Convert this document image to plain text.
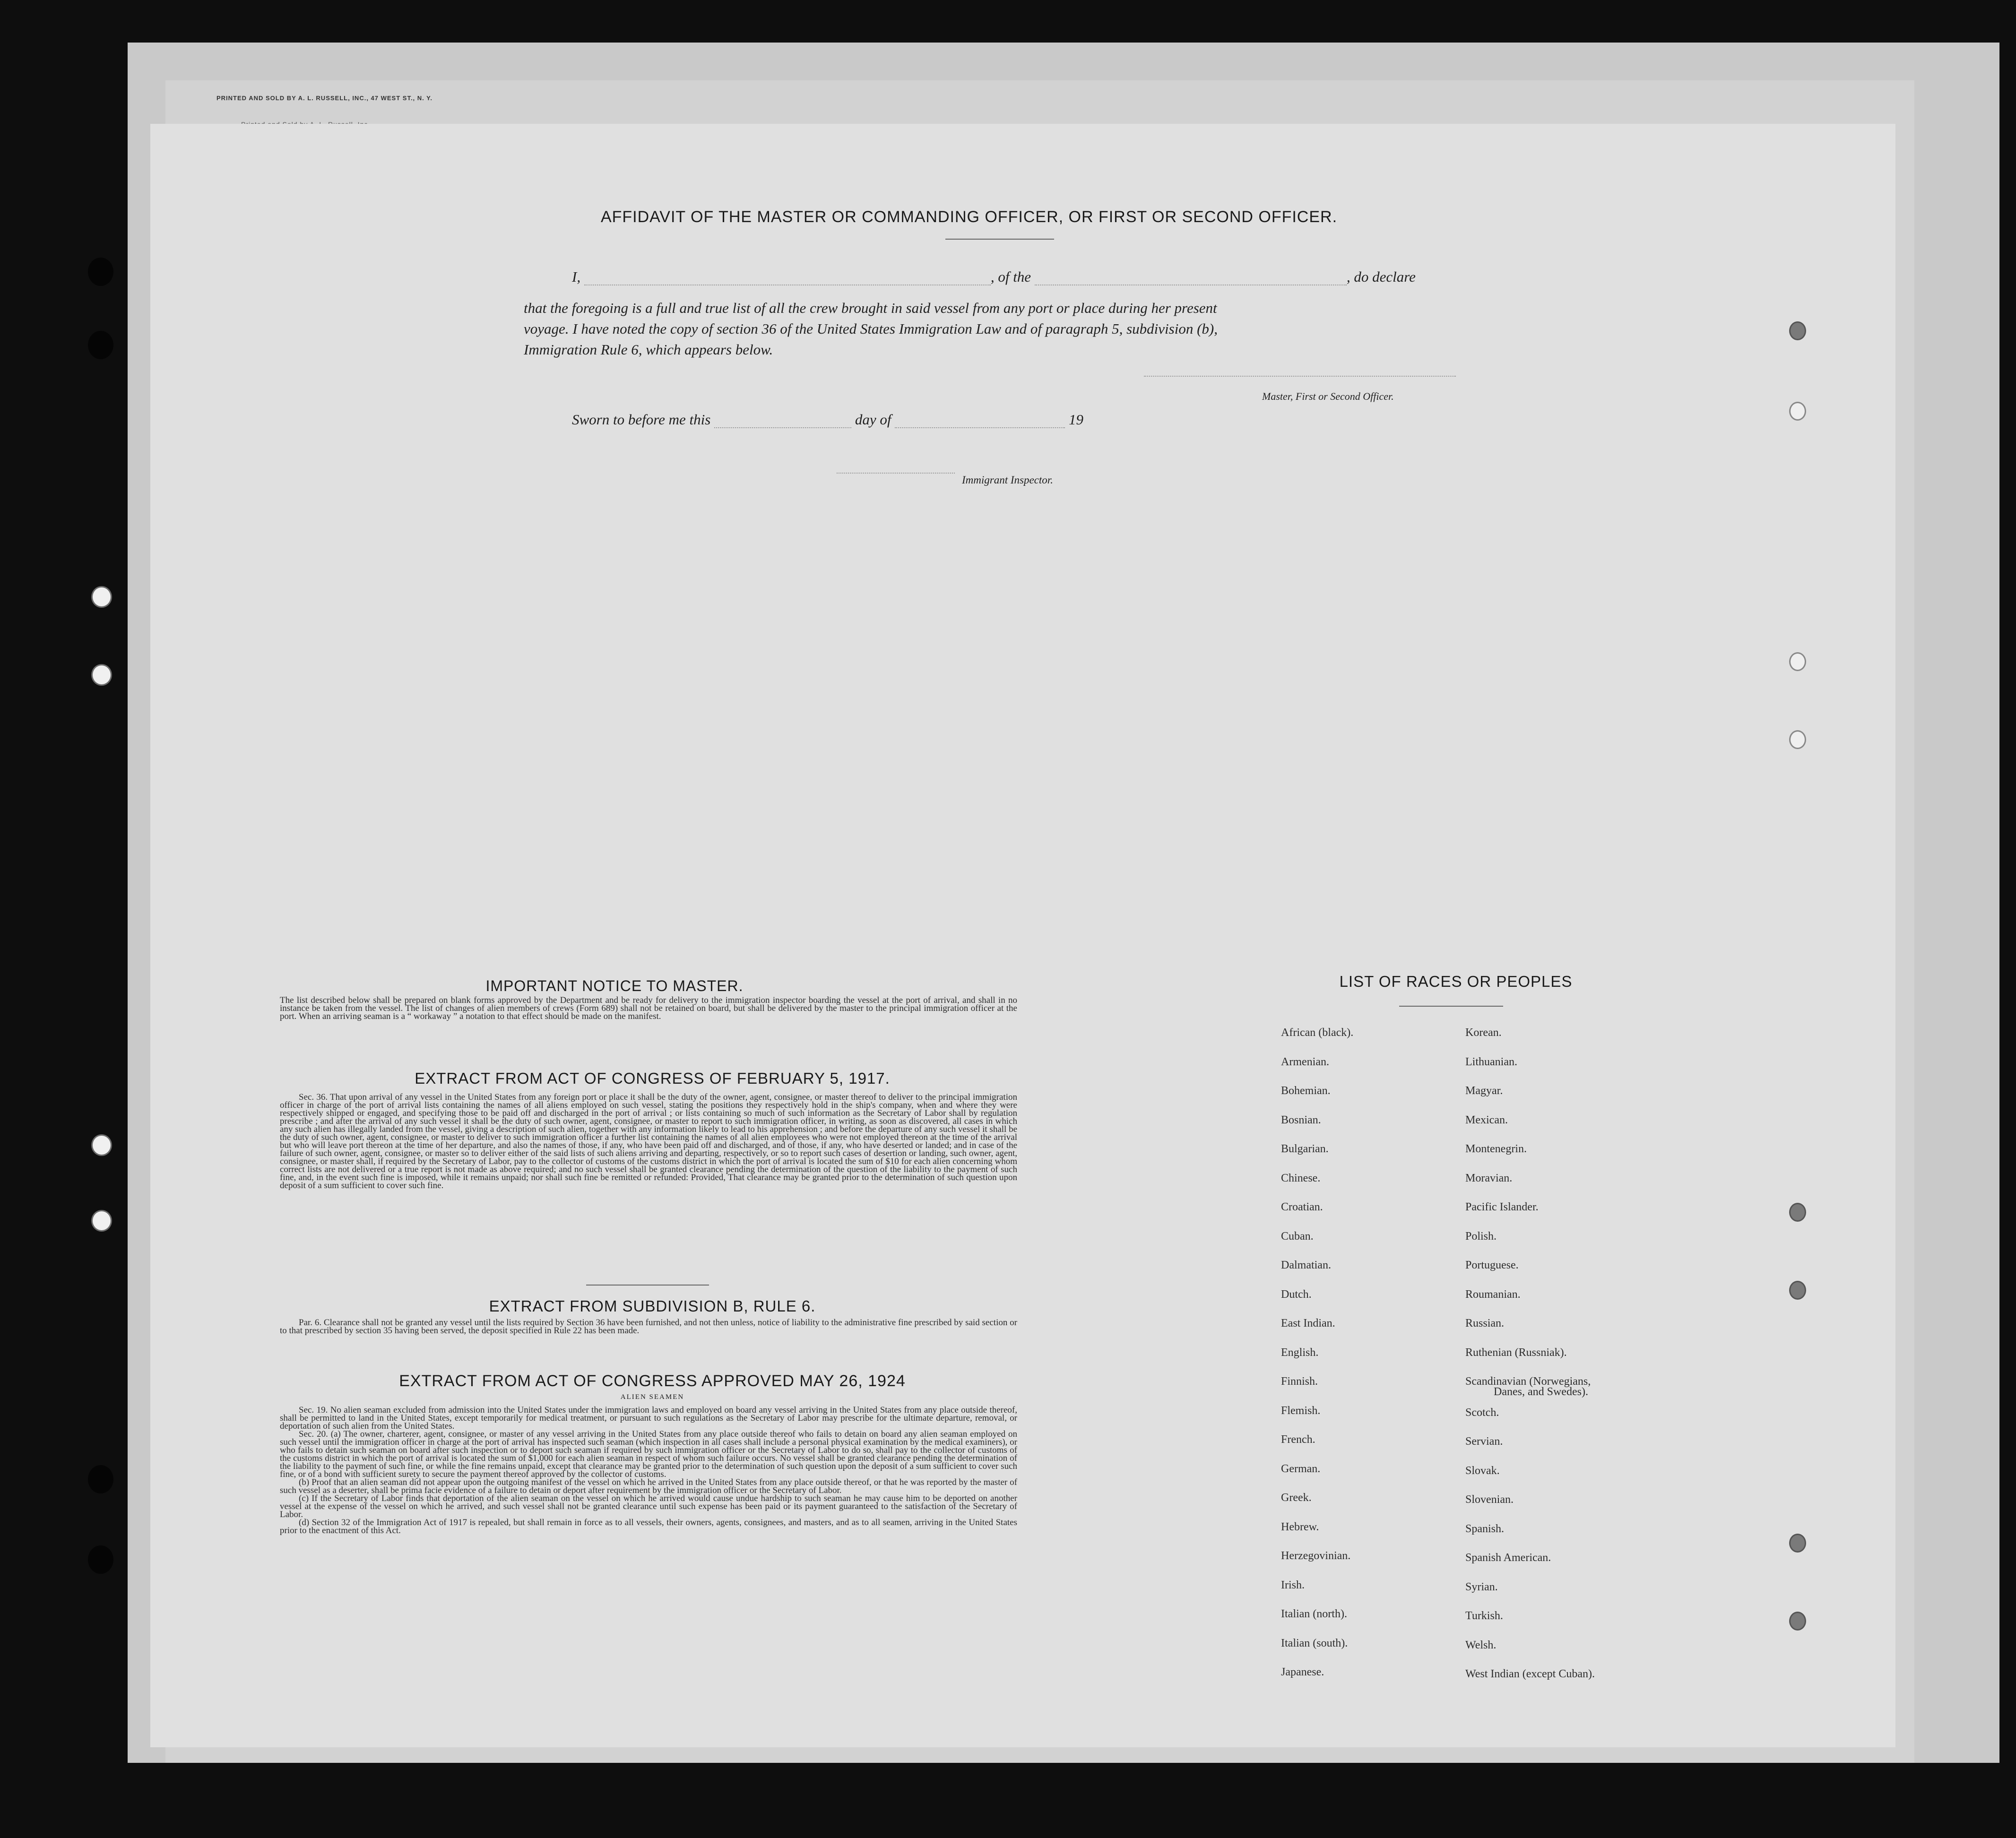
PRINTED AND SOLD BY A. L. RUSSELL, INC., 47 WEST ST., N. Y.
AFFIDAVIT OF THE MASTER OR COMMANDING OFFICER, OR FIRST OR SECOND OFFICER.
I,	, of the	, do declare
that the foregoing is a full and true list of all the crew brought in said vessel from any port or place during her present
voyage. I have noted the copy of section 36 of the United States Immigration Law and of paragraph 5, subdivision (b),
Immigration Rule 6, which appears below.
Master, First or Second Officer.
Sworn to before me this	day of	19
Immigrant Inspector.
IMPORTANT NOTICE TO MASTER.
The list described below shall be prepared on blank forms approved by the Department and be ready for delivery to the immigration inspector boarding the vessel at the port of arrival, and shall in no instance be taken from the vessel. The list of changes of alien members of crews (Form 689) shall not be retained on board, but shall be delivered by the master to the principal immigration officer at the port. When an arriving seaman is a “ workaway ” a notation to that effect should be made on the manifest.
EXTRACT FROM ACT OF CONGRESS OF FEBRUARY 5, 1917.
Sec. 36. That upon arrival of any vessel in the United States from any foreign port or place it shall be the duty of the owner, agent, consignee, or master thereof to deliver to the principal immigration officer in charge of the port of arrival lists containing the names of all aliens employed on such vessel, stating the positions they respectively hold in the ship's company, when and where they were respectively shipped or engaged, and specifying those to be paid off and discharged in the port of arrival ; or lists containing so much of such information as the Secretary of Labor shall by regulation prescribe ; and after the arrival of any such vessel it shall be the duty of such owner, agent, consignee, or master to report to such immigration officer, in writing, as soon as discovered, all cases in which any such alien has illegally landed from the vessel, giving a description of such alien, together with any information likely to lead to his apprehension ; and before the departure of any such vessel it shall be the duty of such owner, agent, consignee, or master to deliver to such immigration officer a further list containing the names of all alien employees who were not employed thereon at the time of the arrival but who will leave port thereon at the time of her departure, and also the names of those, if any, who have been paid off and discharged, and of those, if any, who have deserted or landed; and in case of the failure of such owner, agent, consignee, or master so to deliver either of the said lists of such aliens arriving and departing, respectively, or so to report such cases of desertion or landing, such owner, agent, consignee, or master shall, if required by the Secretary of Labor, pay to the collector of customs of the customs district in which the port of arrival is located the sum of $10 for each alien concerning whom correct lists are not delivered or a true report is not made as above required; and no such vessel shall be granted clearance pending the determination of the question of the liability to the payment of such fine, and, in the event such fine is imposed, while it remains unpaid; nor shall such fine be remitted or refunded: Provided, That clearance may be granted prior to the determination of such question upon deposit of a sum sufficient to cover such fine.
EXTRACT FROM SUBDIVISION B, RULE 6.
Par. 6. Clearance shall not be granted any vessel until the lists required by Section 36 have been furnished, and not then unless, notice of liability to the administrative fine prescribed by said section or to that prescribed by section 35 having been served, the deposit specified in Rule 22 has been made.
EXTRACT FROM ACT OF CONGRESS APPROVED MAY 26, 1924
ALIEN SEAMEN
Sec. 19. No alien seaman excluded from admission into the United States under the immigration laws and employed on board any vessel arriving in the United States from any place outside thereof, shall be permitted to land in the United States, except temporarily for medical treatment, or pursuant to such regulations as the Secretary of Labor may prescribe for the ultimate departure, removal, or deportation of such alien from the United States.
Sec. 20. (a) The owner, charterer, agent, consignee, or master of any vessel arriving in the United States from any place outside thereof who fails to detain on board any alien seaman employed on such vessel until the immigration officer in charge at the port of arrival has inspected such seaman (which inspection in all cases shall include a personal physical examination by the medical examiners), or who fails to detain such seaman on board after such inspection or to deport such seaman if required by such immigration officer or the Secretary of Labor to do so, shall pay to the collector of customs of the customs district in which the port of arrival is located the sum of $1,000 for each alien seaman in respect of whom such failure occurs. No vessel shall be granted clearance pending the determination of the liability to the payment of such fine, or while the fine remains unpaid, except that clearance may be granted prior to the determination of such question upon the deposit of a sum sufficient to cover such fine, or of a bond with sufficient surety to secure the payment thereof approved by the collector of customs.
(b) Proof that an alien seaman did not appear upon the outgoing manifest of the vessel on which he arrived in the United States from any place outside thereof, or that he was reported by the master of such vessel as a deserter, shall be prima facie evidence of a failure to detain or deport after requirement by the immigration officer or the Secretary of Labor.
(c) If the Secretary of Labor finds that deportation of the alien seaman on the vessel on which he arrived would cause undue hardship to such seaman he may cause him to be deported on another vessel at the expense of the vessel on which he arrived, and such vessel shall not be granted clearance until such expense has been paid or its payment guaranteed to the satisfaction of the Secretary of Labor.
(d) Section 32 of the Immigration Act of 1917 is repealed, but shall remain in force as to all vessels, their owners, agents, consignees, and masters, and as to all seamen, arriving in the United States prior to the enactment of this Act.
LIST OF RACES OR PEOPLES
African (black).
Armenian.
Bohemian.
Bosnian.
Bulgarian.
Chinese.
Croatian.
Cuban.
Dalmatian.
Dutch.
East Indian.
English.
Finnish.
Flemish.
French.
German.
Greek.
Hebrew.
Herzegovinian.
Irish.
Italian (north).
Italian (south).
Japanese.
Korean.
Lithuanian.
Magyar.
Mexican.
Montenegrin.
Moravian.
Pacific Islander.
Polish.
Portuguese.
Roumanian.
Russian.
Ruthenian (Russniak).
Scandinavian (Norwegians,
Danes, and Swedes).
Scotch.
Servian.
Slovak.
Slovenian.
Spanish.
Spanish American.
Syrian.
Turkish.
Welsh.
West Indian (except Cuban).
